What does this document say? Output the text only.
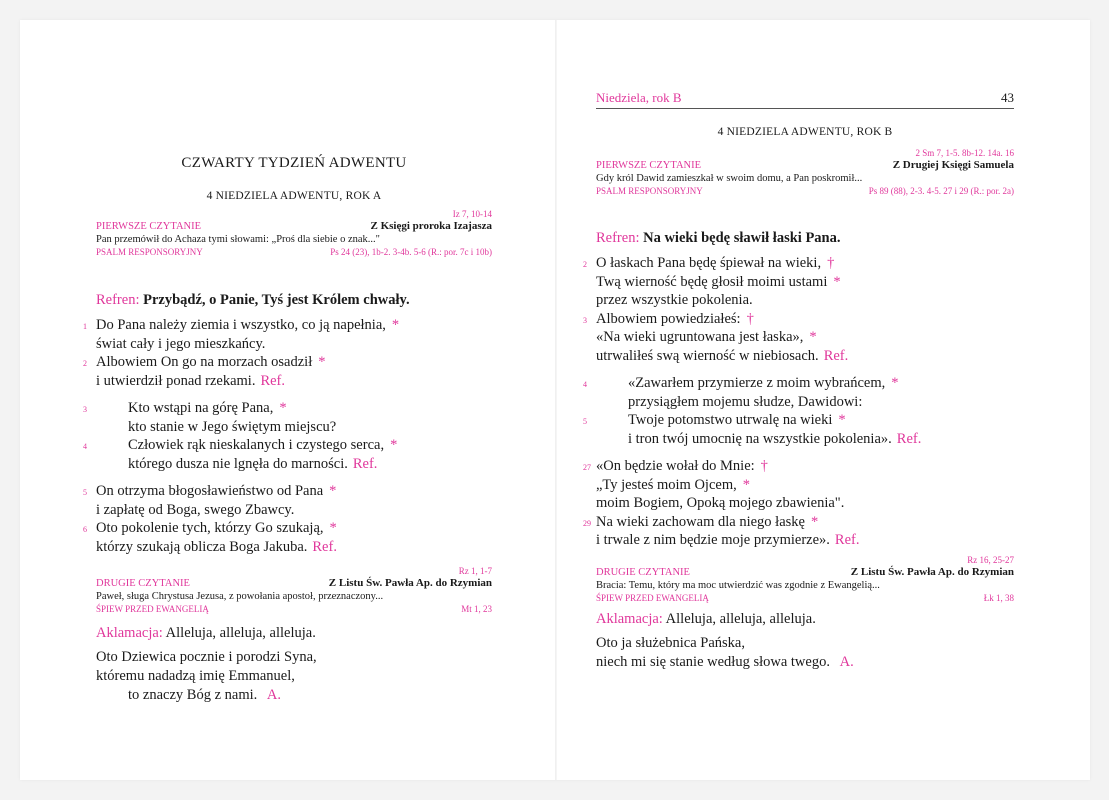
CZWARTY TYDZIEŃ ADWENTU
4 NIEDZIELA ADWENTU, ROK A
Iz 7, 10-14
PIERWSZE CZYTANIE	Z Księgi proroka Izajasza
Pan przemówił do Achaza tymi słowami: „Proś dla siebie o znak..."
PSALM RESPONSORYJNY	Ps 24 (23), 1b-2. 3-4b. 5-6 (R.: por. 7c i 10b)
Refren: Przybądź, o Panie, Tyś jest Królem chwały.
1 Do Pana należy ziemia i wszystko, co ją napełnia, *
świat cały i jego mieszkańcy.
2 Albowiem On go na morzach osadził *
i utwierdził ponad rzekami. Ref.
3	Kto wstąpi na górę Pana, *
kto stanie w Jego świętym miejscu?
4	Człowiek rąk nieskalanych i czystego serca, *
którego dusza nie lgnęła do marności. Ref.
5 On otrzyma błogosławieństwo od Pana *
i zapłatę od Boga, swego Zbawcy.
6 Oto pokolenie tych, którzy Go szukają, *
którzy szukają oblicza Boga Jakuba. Ref.
Rz 1, 1-7
DRUGIE CZYTANIE	Z Listu Św. Pawła Ap. do Rzymian
Paweł, sługa Chrystusa Jezusa, z powołania apostoł, przeznaczony...
ŚPIEW PRZED EWANGELIĄ	Mt 1, 23
Aklamacja: Alleluja, alleluja, alleluja.
Oto Dziewica pocznie i porodzi Syna,
któremu nadadzą imię Emmanuel,
to znaczy Bóg z nami. A.
Niedziela, rok B	43
4 NIEDZIELA ADWENTU, ROK B
2 Sm 7, 1-5. 8b-12. 14a. 16
PIERWSZE CZYTANIE	Z Drugiej Księgi Samuela
Gdy król Dawid zamieszkał w swoim domu, a Pan poskromił...
PSALM RESPONSORYJNY	Ps 89 (88), 2-3. 4-5. 27 i 29 (R.: por. 2a)
Refren: Na wieki będę sławił łaski Pana.
2 O łaskach Pana będę śpiewał na wieki, †
Twą wierność będę głosił moimi ustami *
przez wszystkie pokolenia.
3 Albowiem powiedziałeś: †
«Na wieki ugruntowana jest łaska», *
utrwaliłeś swą wierność w niebiosach. Ref.
4	«Zawarłem przymierze z moim wybrańcem, *
przysiągłem mojemu słudze, Dawidowi:
5	Twoje potomstwo utrwalę na wieki *
i tron twój umocnię na wszystkie pokolenia». Ref.
27 «On będzie wołał do Mnie: †
„Ty jesteś moim Ojcem, *
moim Bogiem, Opoką mojego zbawienia".
29 Na wieki zachowam dla niego łaskę *
i trwale z nim będzie moje przymierze». Ref.
Rz 16, 25-27
DRUGIE CZYTANIE	Z Listu Św. Pawła Ap. do Rzymian
Bracia: Temu, który ma moc utwierdzić was zgodnie z Ewangelią...
ŚPIEW PRZED EWANGELIĄ	Łk 1, 38
Aklamacja: Alleluja, alleluja, alleluja.
Oto ja służebnica Pańska,
niech mi się stanie według słowa twego. A.
